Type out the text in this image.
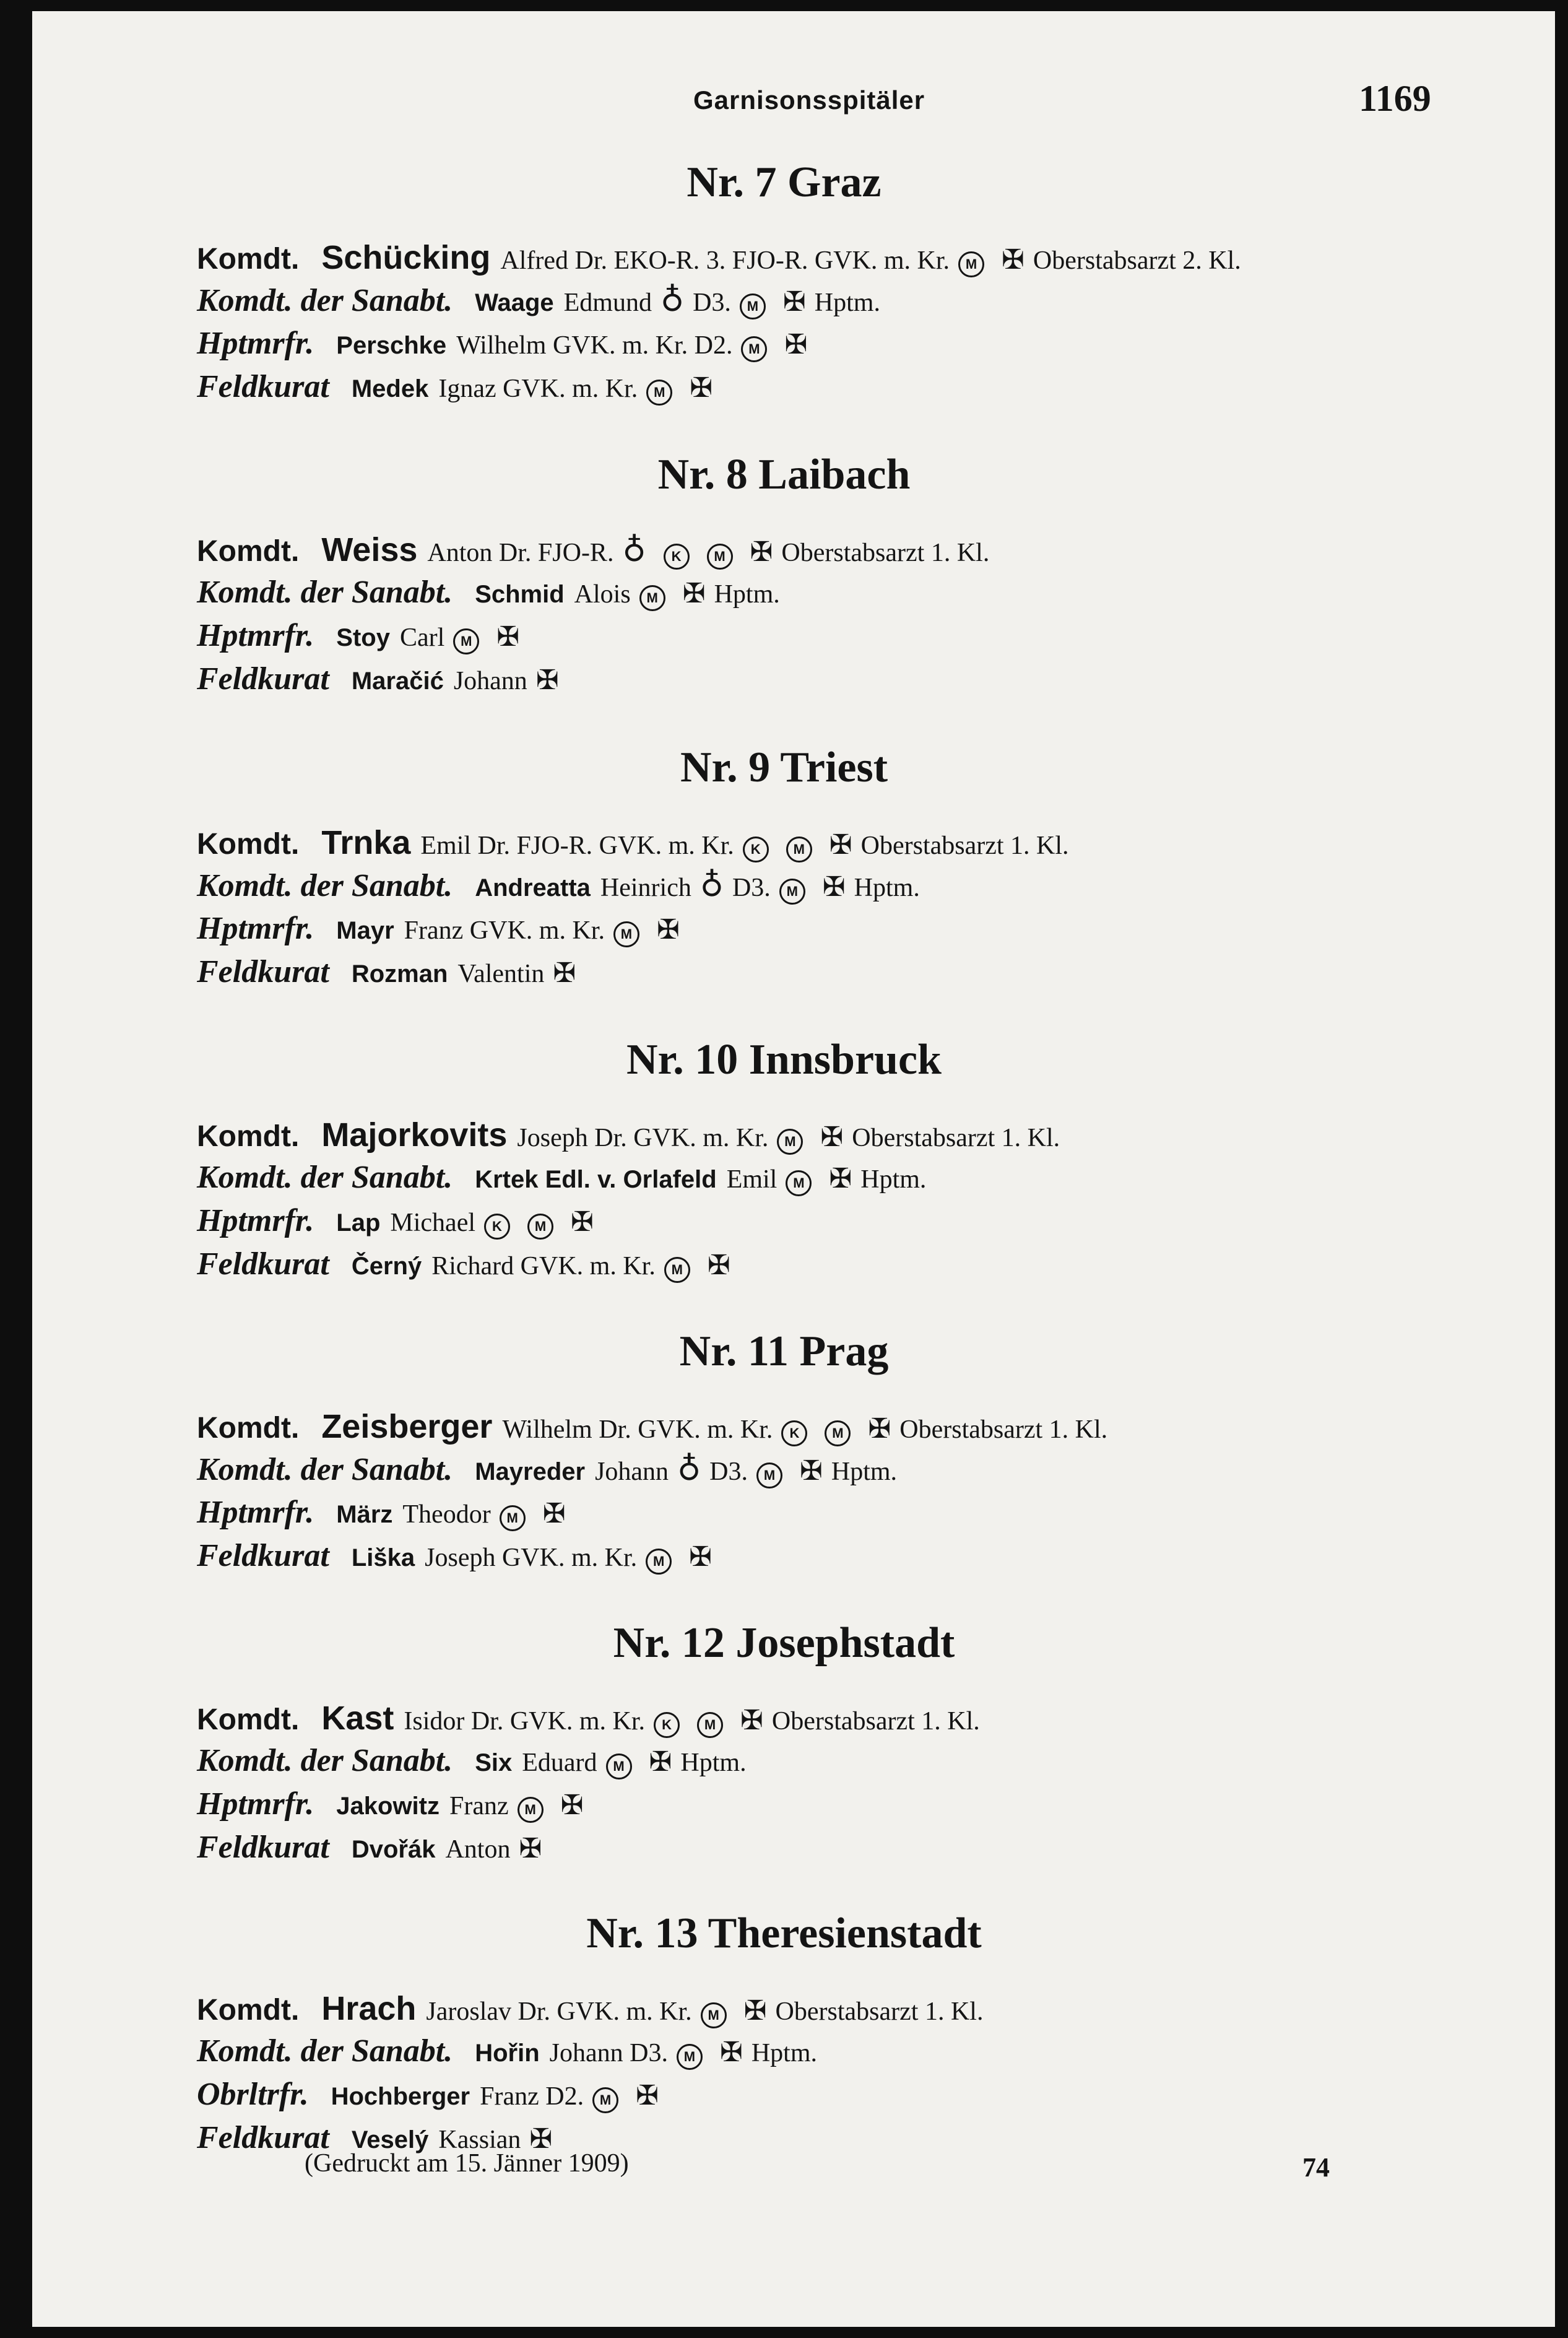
Garnisonsspitäler	1169
Nr. 7 Graz
Komdt. Schücking Alfred Dr. EKO-R. 3. FJO-R. GVK. m. Kr.	M ✠ Oberstabsarzt 2. Kl.
Komdt. der Sanabt. Waage Edmund ♁ D3.	M ✠ Hptm.
Hptmrfr. Perschke Wilhelm GVK. m. Kr. D2.	M ✠
Feldkurat Medek Ignaz GVK. m. Kr.	M ✠
Nr. 8 Laibach
Komdt. Weiss Anton Dr. FJO-R. ♁	K	M ✠ Oberstabsarzt 1. Kl.
Komdt. der Sanabt. Schmid Alois	M ✠ Hptm.
Hptmrfr. Stoy Carl	M ✠
Feldkurat Maračić Johann ✠
Nr. 9 Triest
Komdt. Trnka Emil Dr. FJO-R. GVK. m. Kr.	K	M ✠ Oberstabsarzt 1. Kl.
Komdt. der Sanabt. Andreatta Heinrich ♁ D3.	M ✠ Hptm.
Hptmrfr. Mayr Franz GVK. m. Kr.	M ✠
Feldkurat Rozman Valentin ✠
Nr. 10 Innsbruck
Komdt. Majorkovits Joseph Dr. GVK. m. Kr.	M ✠ Oberstabsarzt 1. Kl.
Komdt. der Sanabt. Krtek Edl. v. Orlafeld Emil	M ✠ Hptm.
Hptmrfr. Lap Michael	K	M ✠
Feldkurat Černý Richard GVK. m. Kr.	M ✠
Nr. 11 Prag
Komdt. Zeisberger Wilhelm Dr. GVK. m. Kr.	K	M ✠ Oberstabsarzt 1. Kl.
Komdt. der Sanabt. Mayreder Johann ♁ D3.	M ✠ Hptm.
Hptmrfr. März Theodor	M ✠
Feldkurat Liška Joseph GVK. m. Kr.	M ✠
Nr. 12 Josephstadt
Komdt. Kast Isidor Dr. GVK. m. Kr.	K	M ✠ Oberstabsarzt 1. Kl.
Komdt. der Sanabt. Six Eduard	M ✠ Hptm.
Hptmrfr. Jakowitz Franz	M ✠
Feldkurat Dvořák Anton ✠
Nr. 13 Theresienstadt
Komdt. Hrach Jaroslav Dr. GVK. m. Kr.	M ✠ Oberstabsarzt 1. Kl.
Komdt. der Sanabt. Hořin Johann D3.	M ✠ Hptm.
Obrltrfr. Hochberger Franz D2.	M ✠
Feldkurat Veselý Kassian ✠
(Gedruckt am 15. Jänner 1909)	74
